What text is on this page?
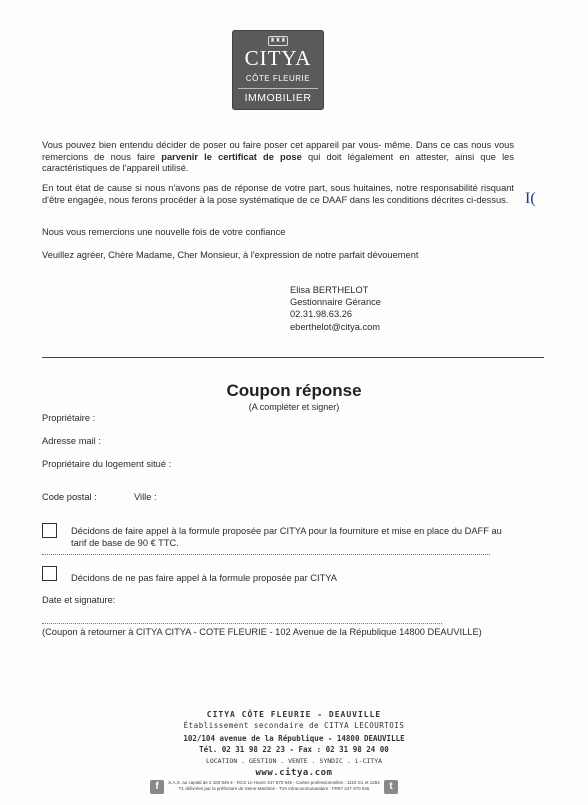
♜♜♜
CITYA
CÔTE FLEURIE
IMMOBILIER
Vous pouvez bien entendu décider de poser ou faire poser cet appareil par vous- même. Dans ce cas nous vous remercions de nous faire parvenir le certificat de pose qui doit légalement en attester, ainsi que les caractéristiques de l'appareil utilisé.
En tout état de cause si nous n'avons pas de réponse de votre part, sous huitaines, notre responsabilité risquant d'être engagée, nous ferons procéder à la pose systématique de ce DAAF dans les conditions décrites ci-dessus.	I(
Nous vous remercions une nouvelle fois de votre confiance
Veuillez agréer, Chère Madame, Cher Monsieur, à l'expression de notre parfait dévouement
Elisa BERTHELOT
Gestionnaire Gérance
02.31.98.63.26
eberthelot@citya.com
Coupon réponse
(A compléter et signer)
Propriétaire :
Adresse mail :
Propriétaire du logement situé :
Code postal :	Ville :
Décidons de faire appel à la formule proposée par CITYA pour la fourniture et mise en place du DAFF au tarif de base de 90 € TTC.
Décidons de ne pas faire appel à la formule proposée par CITYA
Date et signature:
(Coupon à retourner à CITYA CITYA - COTE FLEURIE - 102 Avenue de la République 14800 DEAUVILLE)
CITYA CÔTE FLEURIE - DEAUVILLE
Établissement secondaire de CITYA LECOURTOIS
102/104 avenue de la République - 14800 DEAUVILLE
Tél. 02 31 98 22 23 - Fax : 02 31 98 24 00
LOCATION . GESTION . VENTE . SYNDIC . i-CITYA
www.citya.com
f	S.A.S. au capital de 2 183 845 € - RCS Le Havre 347 970 945 - Cartes professionnelles : 1110 G1 et 1284 T1 délivrées par la préfecture de Seine-Maritime - TVA Intracommunautaire : FR87 347 970 945	t
